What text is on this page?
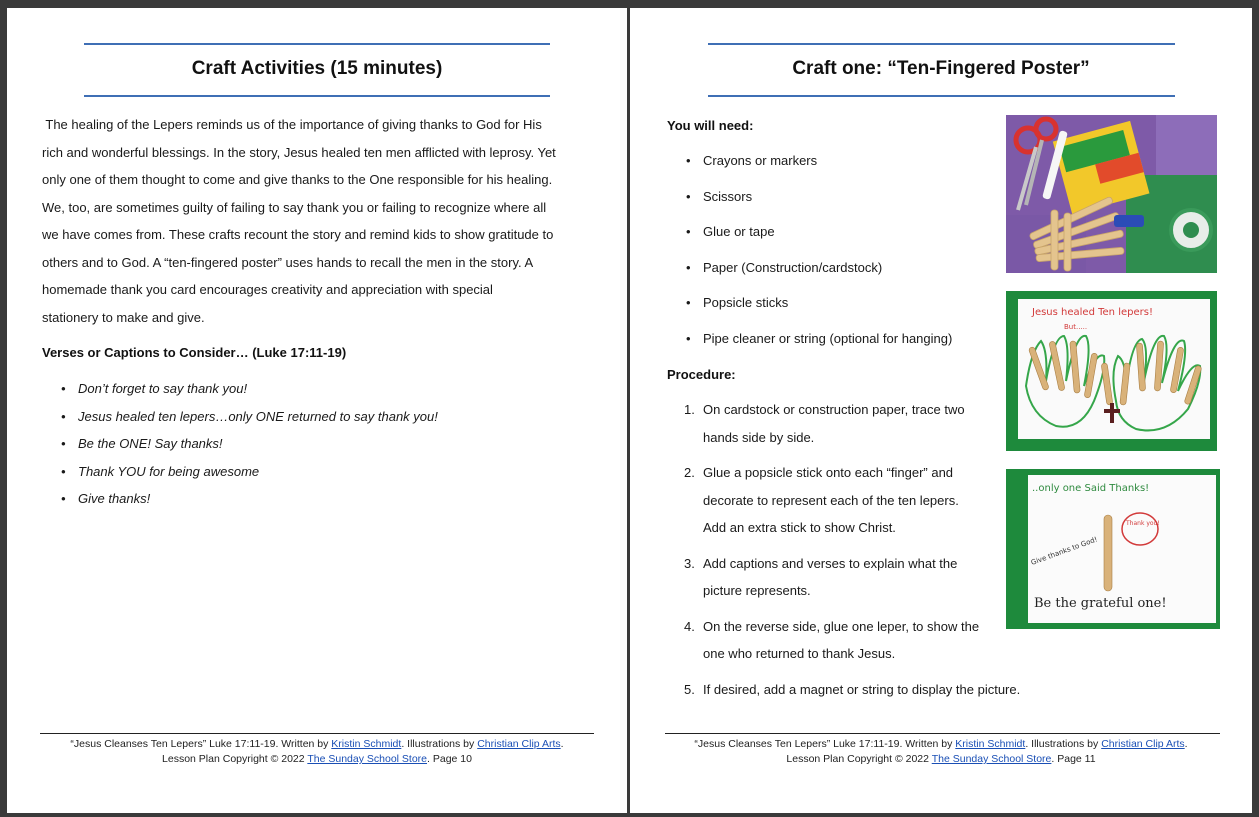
Craft Activities (15 minutes)
The healing of the Lepers reminds us of the importance of giving thanks to God for His
rich and wonderful blessings. In the story, Jesus healed ten men afflicted with leprosy. Yet
only one of them thought to come and give thanks to the One responsible for his healing.
We, too, are sometimes guilty of failing to say thank you or failing to recognize where all
we have comes from. These crafts recount the story and remind kids to show gratitude to
others and to God. A “ten-fingered poster” uses hands to recall the men in the story. A
homemade thank you card encourages creativity and appreciation with special
stationery to make and give.
Verses or Captions to Consider… (Luke 17:11-19)
• Don’t forget to say thank you!
• Jesus healed ten lepers…only ONE returned to say thank you!
• Be the ONE! Say thanks!
• Thank YOU for being awesome
• Give thanks!
“Jesus Cleanses Ten Lepers” Luke 17:11-19. Written by Kristin Schmidt. Illustrations by Christian Clip Arts.
Lesson Plan Copyright © 2022 The Sunday School Store. Page 10
Craft one: “Ten-Fingered Poster”
You will need:
• Crayons or markers
• Scissors
• Glue or tape
• Paper (Construction/cardstock)
• Popsicle sticks
• Pipe cleaner or string (optional for hanging)
Procedure:
1. On cardstock or construction paper, trace two
hands side by side.
2. Glue a popsicle stick onto each “finger” and
decorate to represent each of the ten lepers.
Add an extra stick to show Christ.
3. Add captions and verses to explain what the
picture represents.
4. On the reverse side, glue one leper, to show the
one who returned to thank Jesus.
5. If desired, add a magnet or string to display the picture.
Jesus healed Ten lepers!
But.....
..only one Said Thanks!
Thank you!
Give thanks to God!
Be the grateful one!
“Jesus Cleanses Ten Lepers” Luke 17:11-19. Written by Kristin Schmidt. Illustrations by Christian Clip Arts.
Lesson Plan Copyright © 2022 The Sunday School Store. Page 11
